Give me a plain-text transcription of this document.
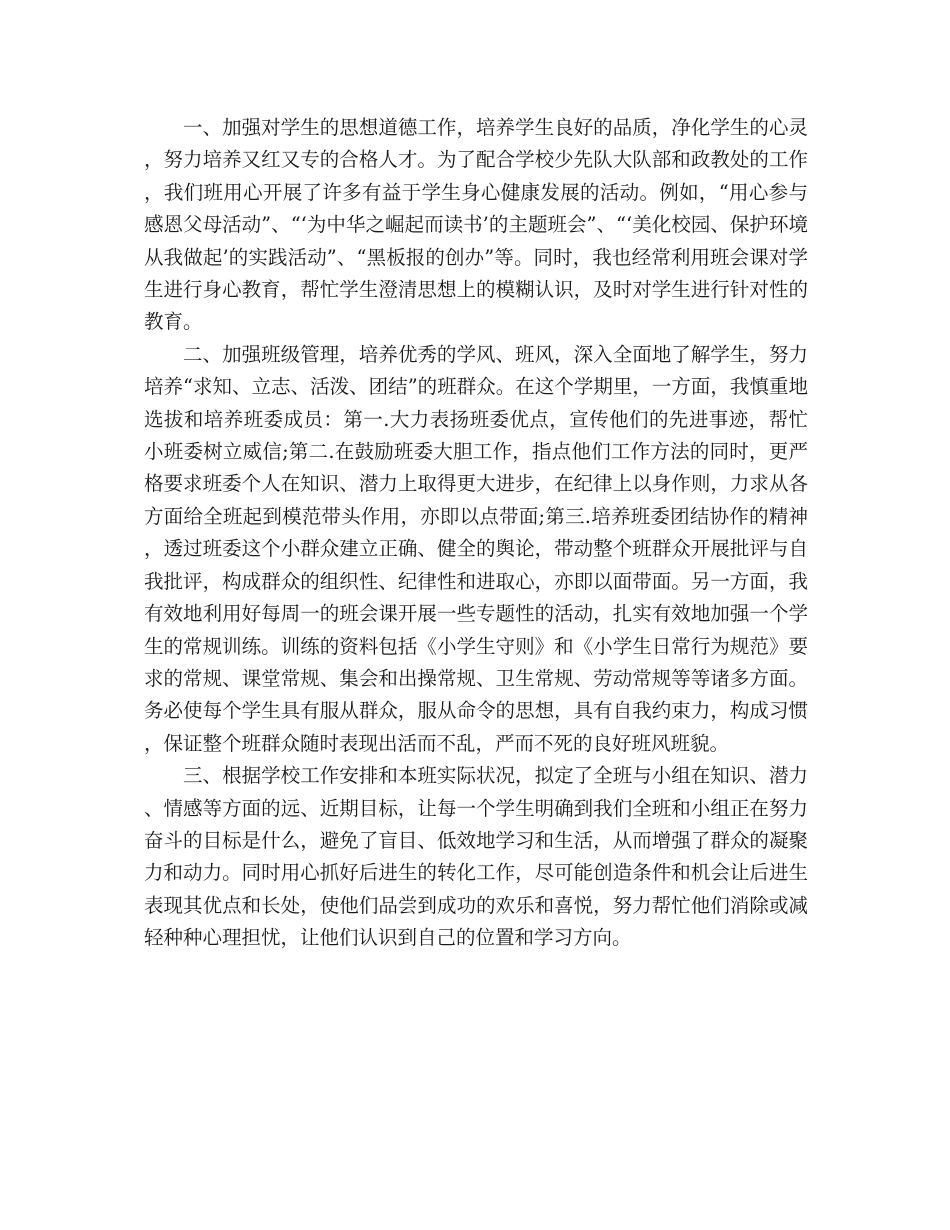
一、加强对学生的思想道德工作，培养学生良好的品质，净化学生的心灵，努力培养又红又专的合格人才。为了配合学校少先队大队部和政教处的工作，我们班用心开展了许多有益于学生身心健康发展的活动。例如，“用心参与感恩父母活动”、“‘为中华之崛起而读书’的主题班会”、“‘美化校园、保护环境从我做起’的实践活动”、“黑板报的创办”等。同时，我也经常利用班会课对学生进行身心教育，帮忙学生澄清思想上的模糊认识，及时对学生进行针对性的教育。

二、加强班级管理，培养优秀的学风、班风，深入全面地了解学生，努力培养“求知、立志、活泼、团结”的班群众。在这个学期里，一方面，我慎重地选拔和培养班委成员：第一.大力表扬班委优点，宣传他们的先进事迹，帮忙小班委树立威信;第二.在鼓励班委大胆工作，指点他们工作方法的同时，更严格要求班委个人在知识、潜力上取得更大进步，在纪律上以身作则，力求从各方面给全班起到模范带头作用，亦即以点带面;第三.培养班委团结协作的精神，透过班委这个小群众建立正确、健全的舆论，带动整个班群众开展批评与自我批评，构成群众的组织性、纪律性和进取心，亦即以面带面。另一方面，我有效地利用好每周一的班会课开展一些专题性的活动，扎实有效地加强一个学生的常规训练。训练的资料包括《小学生守则》和《小学生日常行为规范》要求的常规、课堂常规、集会和出操常规、卫生常规、劳动常规等等诸多方面。务必使每个学生具有服从群众，服从命令的思想，具有自我约束力，构成习惯，保证整个班群众随时表现出活而不乱，严而不死的良好班风班貌。

三、根据学校工作安排和本班实际状况，拟定了全班与小组在知识、潜力、情感等方面的远、近期目标，让每一个学生明确到我们全班和小组正在努力奋斗的目标是什么，避免了盲目、低效地学习和生活，从而增强了群众的凝聚力和动力。同时用心抓好后进生的转化工作，尽可能创造条件和机会让后进生表现其优点和长处，使他们品尝到成功的欢乐和喜悦，努力帮忙他们消除或减轻种种心理担忧，让他们认识到自己的位置和学习方向。
